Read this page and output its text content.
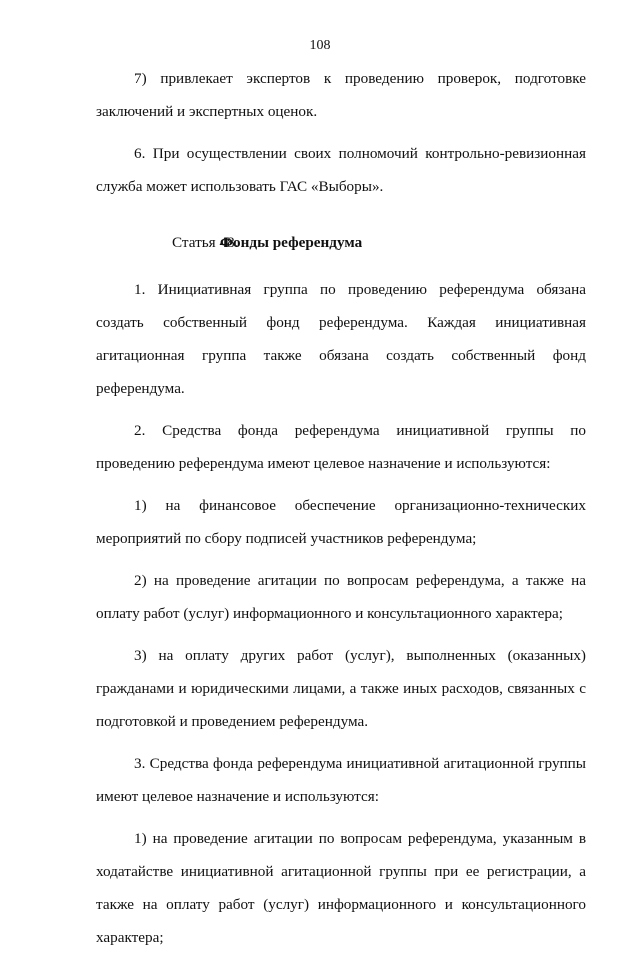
108

7) привлекает экспертов к проведению проверок, подготовке заключений и экспертных оценок.

6. При осуществлении своих полномочий контрольно-ревизионная служба может использовать ГАС «Выборы».

Статья 48.Фонды референдума

1. Инициативная группа по проведению референдума обязана создать собственный фонд референдума. Каждая инициативная агитационная группа также обязана создать собственный фонд референдума.

2. Средства фонда референдума инициативной группы по проведению референдума имеют целевое назначение и используются:

1) на финансовое обеспечение организационно-технических мероприятий по сбору подписей участников референдума;

2) на проведение агитации по вопросам референдума, а также на оплату работ (услуг) информационного и консультационного характера;

3) на оплату других работ (услуг), выполненных (оказанных) гражданами и юридическими лицами, а также иных расходов, связанных с подготовкой и проведением референдума.

3. Средства фонда референдума инициативной агитационной группы имеют целевое назначение и используются:

1) на проведение агитации по вопросам референдума, указанным в ходатайстве инициативной агитационной группы при ее регистрации, а также на оплату работ (услуг) информационного и консультационного характера;
